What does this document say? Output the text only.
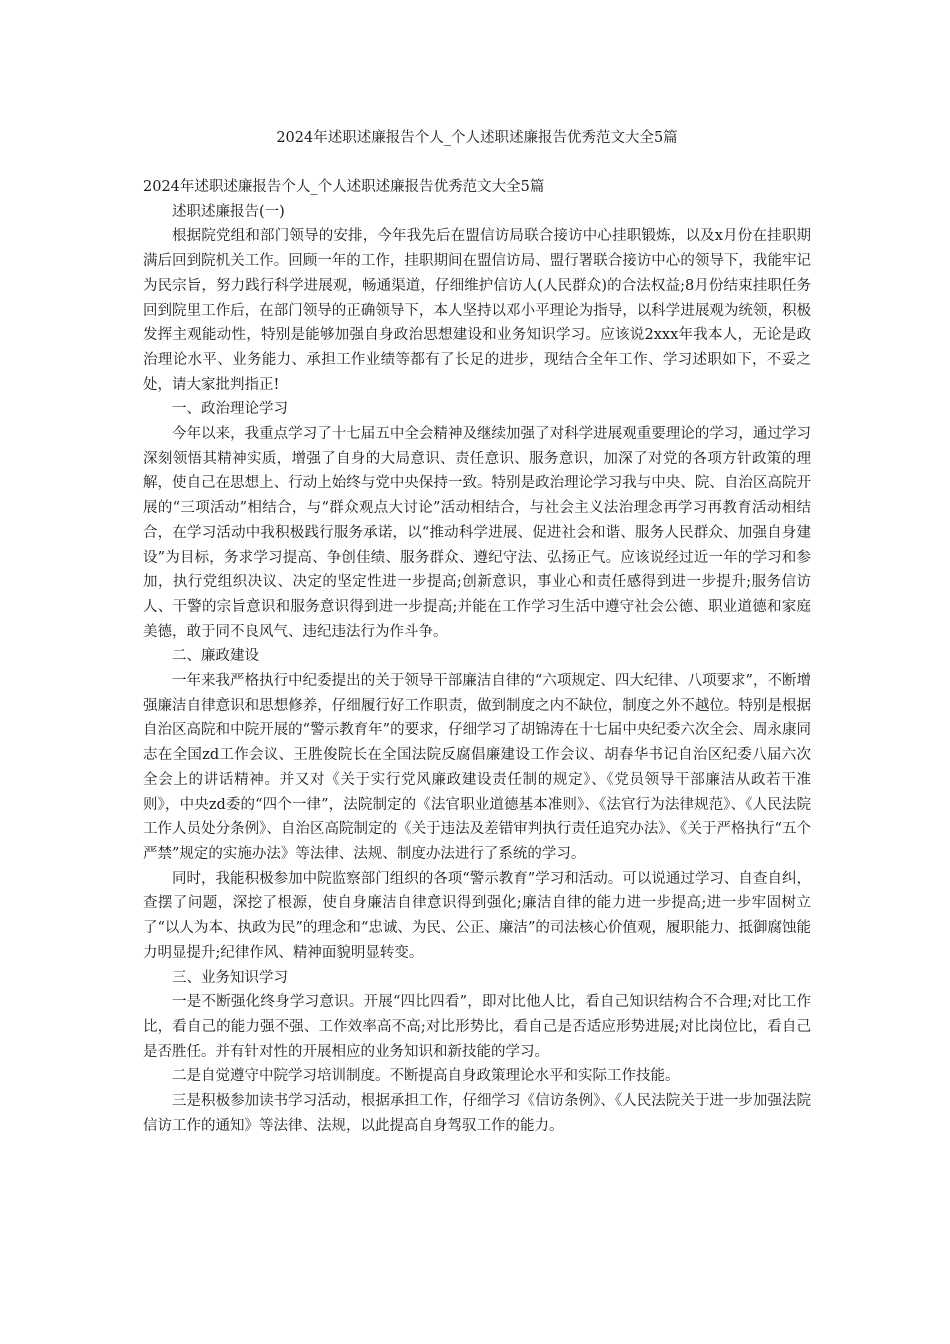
2024年述职述廉报告个人_个人述职述廉报告优秀范文大全5篇

2024年述职述廉报告个人_个人述职述廉报告优秀范文大全5篇

述职述廉报告(一)

根据院党组和部门领导的安排，今年我先后在盟信访局联合接访中心挂职锻炼，以及x月份在挂职期满后回到院机关工作。回顾一年的工作，挂职期间在盟信访局、盟行署联合接访中心的领导下，我能牢记为民宗旨，努力践行科学进展观，畅通渠道，仔细维护信访人(人民群众)的合法权益;8月份结束挂职任务回到院里工作后，在部门领导的正确领导下，本人坚持以邓小平理论为指导，以科学进展观为统领，积极发挥主观能动性，特别是能够加强自身政治思想建设和业务知识学习。应该说2xxx年我本人，无论是政治理论水平、业务能力、承担工作业绩等都有了长足的进步，现结合全年工作、学习述职如下，不妥之处，请大家批判指正!

一、政治理论学习

今年以来，我重点学习了十七届五中全会精神及继续加强了对科学进展观重要理论的学习，通过学习深刻领悟其精神实质，增强了自身的大局意识、责任意识、服务意识，加深了对党的各项方针政策的理解，使自己在思想上、行动上始终与党中央保持一致。特别是政治理论学习我与中央、院、自治区高院开展的“三项活动”相结合，与“群众观点大讨论”活动相结合，与社会主义法治理念再学习再教育活动相结合，在学习活动中我积极践行服务承诺，以“推动科学进展、促进社会和谐、服务人民群众、加强自身建设”为目标，务求学习提高、争创佳绩、服务群众、遵纪守法、弘扬正气。应该说经过近一年的学习和参加，执行党组织决议、决定的坚定性进一步提高;创新意识，事业心和责任感得到进一步提升;服务信访人、干警的宗旨意识和服务意识得到进一步提高;并能在工作学习生活中遵守社会公德、职业道德和家庭美德，敢于同不良风气、违纪违法行为作斗争。

二、廉政建设

一年来我严格执行中纪委提出的关于领导干部廉洁自律的“六项规定、四大纪律、八项要求”，不断增强廉洁自律意识和思想修养，仔细履行好工作职责，做到制度之内不缺位，制度之外不越位。特别是根据自治区高院和中院开展的“警示教育年”的要求，仔细学习了胡锦涛在十七届中央纪委六次全会、周永康同志在全国zd工作会议、王胜俊院长在全国法院反腐倡廉建设工作会议、胡春华书记自治区纪委八届六次全会上的讲话精神。并又对《关于实行党风廉政建设责任制的规定》、《党员领导干部廉洁从政若干准则》，中央zd委的“四个一律”，法院制定的《法官职业道德基本准则》、《法官行为法律规范》、《人民法院工作人员处分条例》、自治区高院制定的《关于违法及差错审判执行责任追究办法》、《关于严格执行“五个严禁”规定的实施办法》等法律、法规、制度办法进行了系统的学习。

同时，我能积极参加中院监察部门组织的各项“警示教育”学习和活动。可以说通过学习、自查自纠，查摆了问题，深挖了根源，使自身廉洁自律意识得到强化;廉洁自律的能力进一步提高;进一步牢固树立了“以人为本、执政为民”的理念和“忠诚、为民、公正、廉洁”的司法核心价值观，履职能力、抵御腐蚀能力明显提升;纪律作风、精神面貌明显转变。

三、业务知识学习

一是不断强化终身学习意识。开展“四比四看”，即对比他人比，看自己知识结构合不合理;对比工作比，看自己的能力强不强、工作效率高不高;对比形势比，看自己是否适应形势进展;对比岗位比，看自己是否胜任。并有针对性的开展相应的业务知识和新技能的学习。

二是自觉遵守中院学习培训制度。不断提高自身政策理论水平和实际工作技能。

三是积极参加读书学习活动，根据承担工作，仔细学习《信访条例》、《人民法院关于进一步加强法院信访工作的通知》等法律、法规，以此提高自身驾驭工作的能力。
